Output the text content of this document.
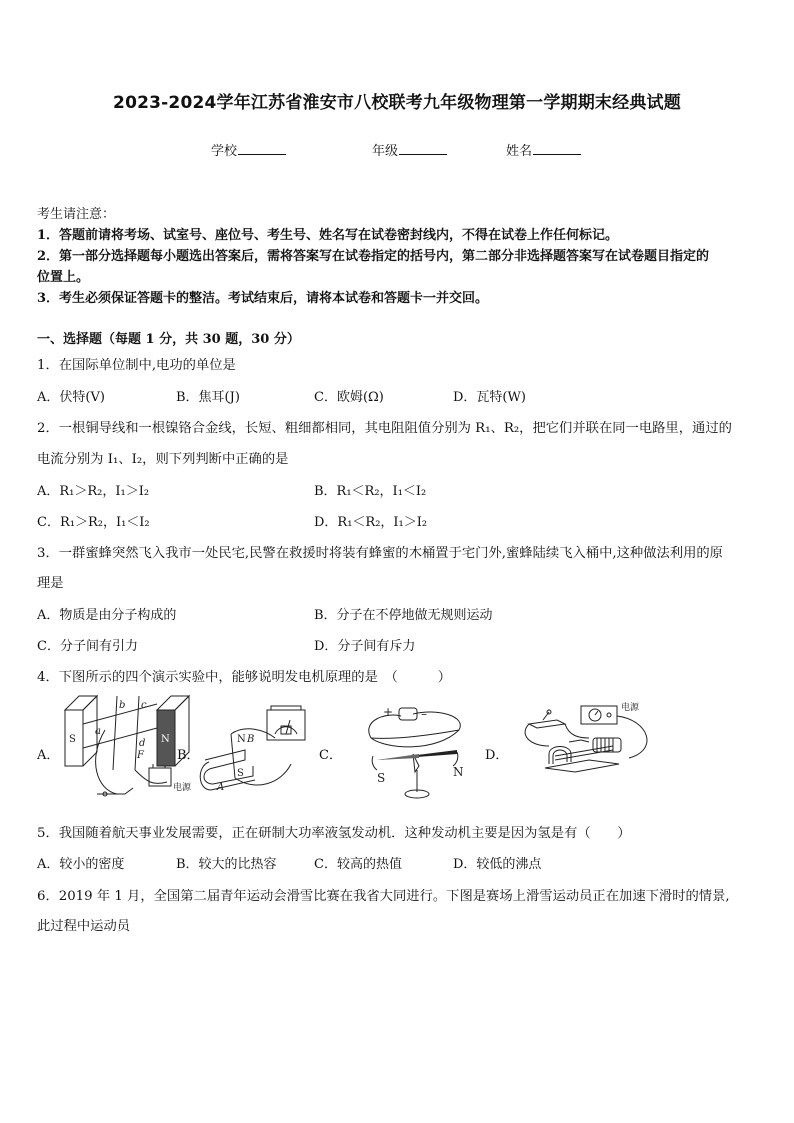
2023-2024学年江苏省淮安市八校联考九年级物理第一学期期末经典试题
学校	年级	姓名
考生请注意：
1．答题前请将考场、试室号、座位号、考生号、姓名写在试卷密封线内，不得在试卷上作任何标记。
2．第一部分选择题每小题选出答案后，需将答案写在试卷指定的括号内，第二部分非选择题答案写在试卷题目指定的
位置上。
3．考生必须保证答题卡的整洁。考试结束后，请将本试卷和答题卡一并交回。
一、选择题（每题 1 分，共 30 题，30 分）
1．在国际单位制中,电功的单位是
A．伏特(V)	B．焦耳(J)	C．欧姆(Ω)	D．瓦特(W)
2．一根铜导线和一根镍铬合金线，长短、粗细都相同，其电阻阻值分别为 R₁、R₂，把它们并联在同一电路里，通过的
电流分别为 I₁、I₂，则下列判断中正确的是
A．R₁＞R₂，I₁＞I₂	B．R₁＜R₂，I₁＜I₂
C．R₁＞R₂，I₁＜I₂	D．R₁＜R₂，I₁＞I₂
3．一群蜜蜂突然飞入我市一处民宅,民警在救援时将装有蜂蜜的木桶置于宅门外,蜜蜂陆续飞入桶中,这种做法利用的原
理是
A．物质是由分子构成的	B．分子在不停地做无规则运动
C．分子间有引力	D．分子间有斥力
4．下图所示的四个演示实验中，能够说明发电机原理的是　（　　　）
A．	B．	C．	D．
S	N
a
b c
d
F
电源
N B
S
A
+ –
S	N
电源
5．我国随着航天事业发展需要，正在研制大功率液氢发动机．这种发动机主要是因为氢是有（　　）
A．较小的密度	B．较大的比热容	C．较高的热值	D．较低的沸点
6．2019 年 1 月，全国第二届青年运动会滑雪比赛在我省大同进行。下图是赛场上滑雪运动员正在加速下滑时的情景,
此过程中运动员
